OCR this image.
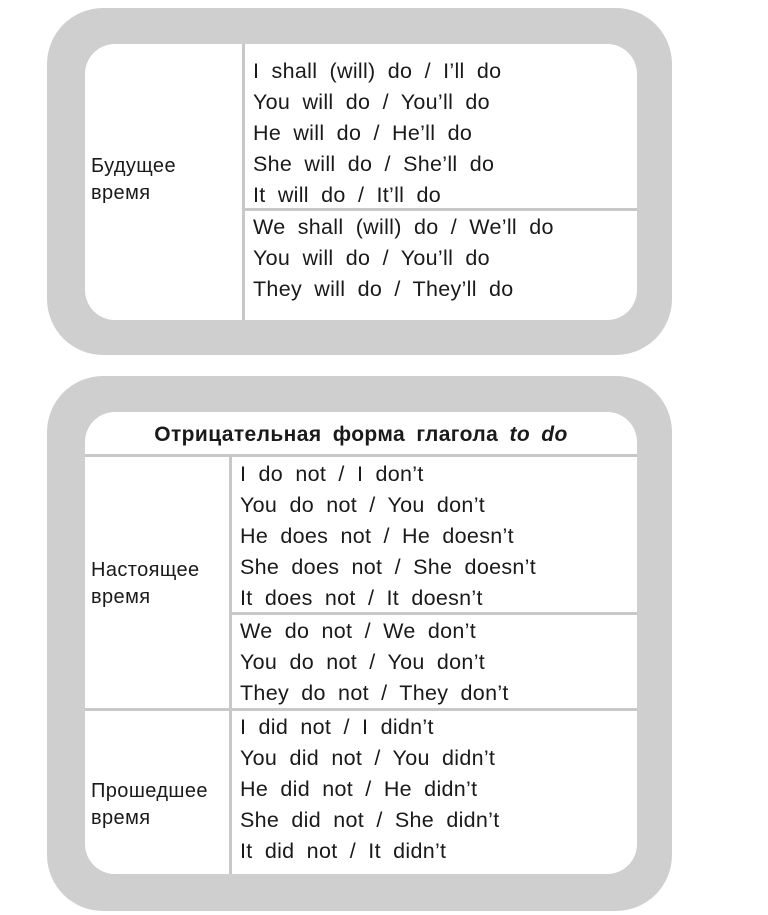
Будущее
время
I shall (will) do / I’ll do
You will do / You’ll do
He will do / He’ll do
She will do / She’ll do
It will do / It’ll do
We shall (will) do / We’ll do
You will do / You’ll do
They will do / They’ll do
Отрицательная форма глагола to do
Настоящее
время
I do not / I don’t
You do not / You don’t
He does not / He doesn’t
She does not / She doesn’t
It does not / It doesn’t
We do not / We don’t
You do not / You don’t
They do not / They don’t
Прошедшее
время
I did not / I didn’t
You did not / You didn’t
He did not / He didn’t
She did not / She didn’t
It did not / It didn’t
